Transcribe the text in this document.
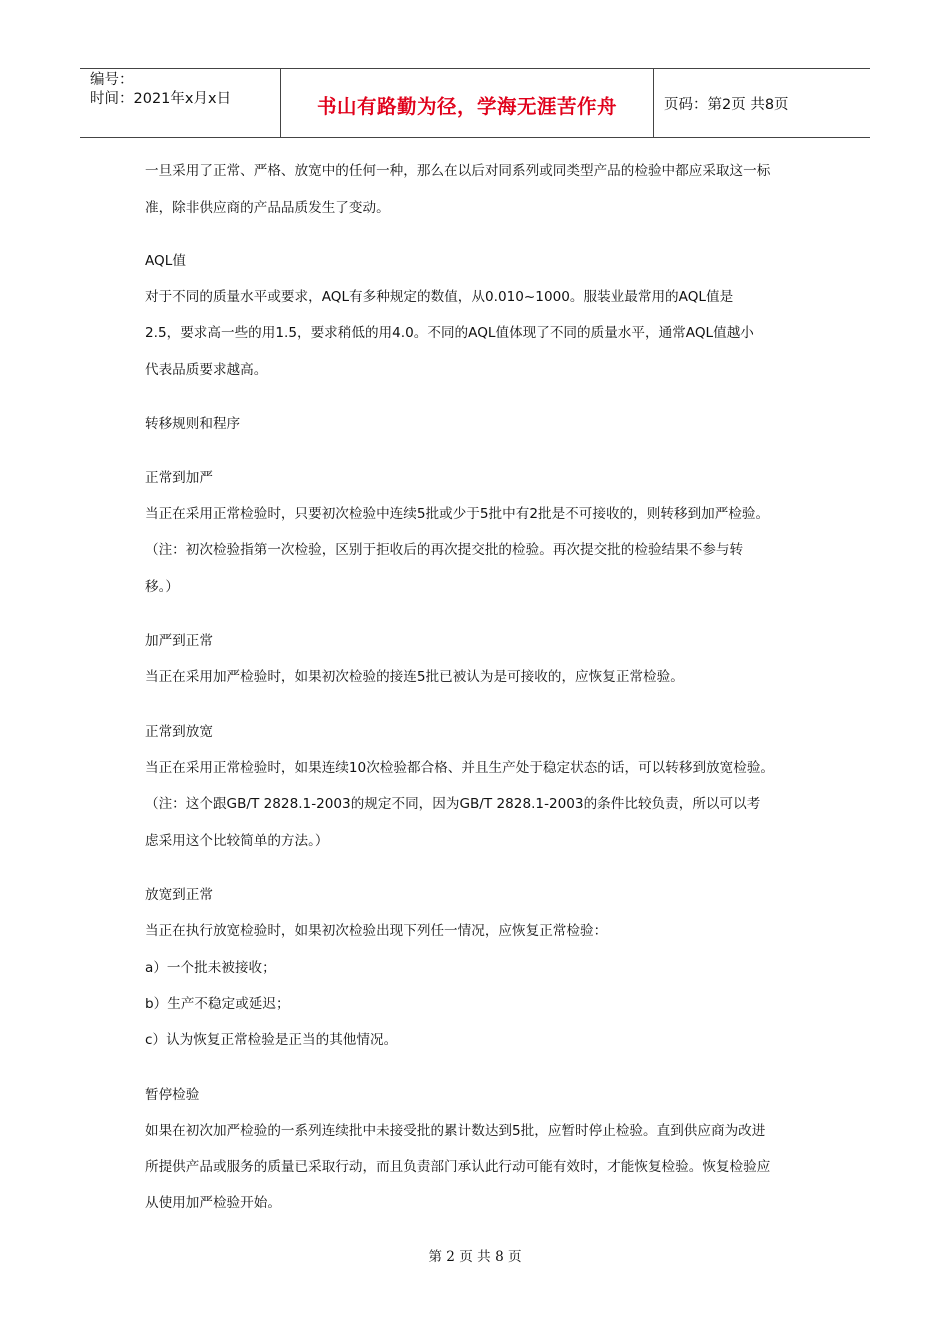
编号：
时间：2021年x月x日	书山有路勤为径，学海无涯苦作舟	页码：第2页 共8页
一旦采用了正常、严格、放宽中的任何一种，那么在以后对同系列或同类型产品的检验中都应采取这一标
准，除非供应商的产品品质发生了变动。
AQL值
对于不同的质量水平或要求，AQL有多种规定的数值，从0.010~1000。服装业最常用的AQL值是
2.5，要求高一些的用1.5，要求稍低的用4.0。不同的AQL值体现了不同的质量水平，通常AQL值越小
代表品质要求越高。
转移规则和程序
正常到加严
当正在采用正常检验时，只要初次检验中连续5批或少于5批中有2批是不可接收的，则转移到加严检验。
（注：初次检验指第一次检验，区别于拒收后的再次提交批的检验。再次提交批的检验结果不参与转
移。）
加严到正常
当正在采用加严检验时，如果初次检验的接连5批已被认为是可接收的，应恢复正常检验。
正常到放宽
当正在采用正常检验时，如果连续10次检验都合格、并且生产处于稳定状态的话，可以转移到放宽检验。
（注：这个跟GB/T 2828.1-2003的规定不同，因为GB/T 2828.1-2003的条件比较负责，所以可以考
虑采用这个比较简单的方法。）
放宽到正常
当正在执行放宽检验时，如果初次检验出现下列任一情况，应恢复正常检验：
a）一个批未被接收；
b）生产不稳定或延迟；
c）认为恢复正常检验是正当的其他情况。
暂停检验
如果在初次加严检验的一系列连续批中未接受批的累计数达到5批，应暂时停止检验。直到供应商为改进
所提供产品或服务的质量已采取行动，而且负责部门承认此行动可能有效时，才能恢复检验。恢复检验应
从使用加严检验开始。
第 2 页 共 8 页
